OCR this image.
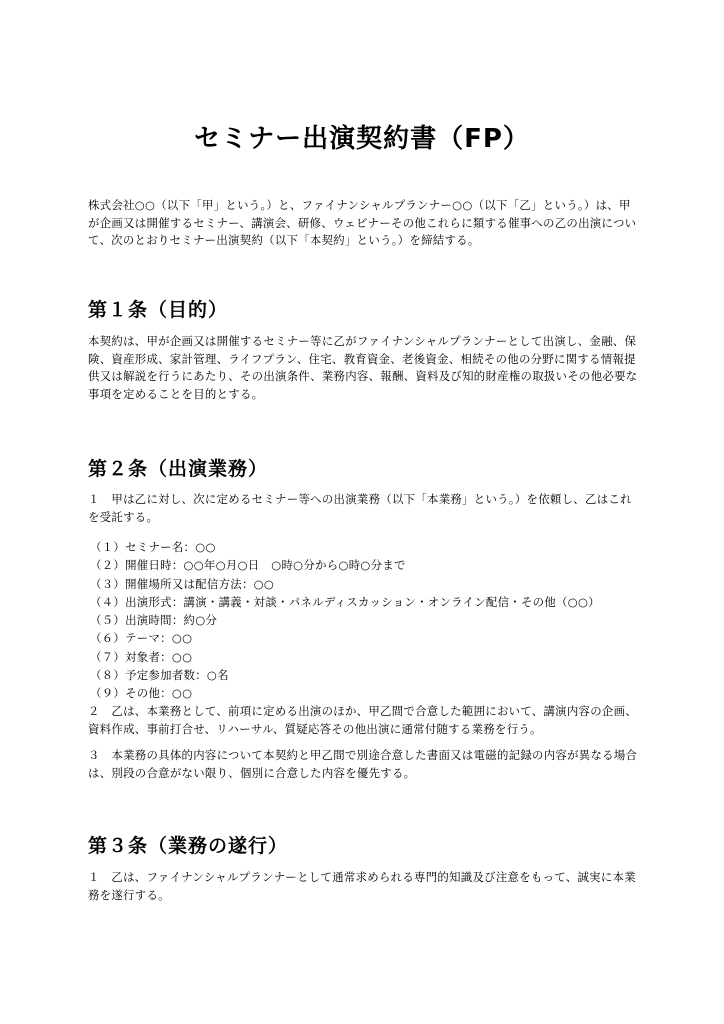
セミナー出演契約書（FP）

株式会社○○（以下「甲」という。）と、ファイナンシャルプランナー○○（以下「乙」という。）は、甲が企画又は開催するセミナー、講演会、研修、ウェビナーその他これらに類する催事への乙の出演について、次のとおりセミナー出演契約（以下「本契約」という。）を締結する。

第１条（目的）

本契約は、甲が企画又は開催するセミナー等に乙がファイナンシャルプランナーとして出演し、金融、保険、資産形成、家計管理、ライフプラン、住宅、教育資金、老後資金、相続その他の分野に関する情報提供又は解説を行うにあたり、その出演条件、業務内容、報酬、資料及び知的財産権の取扱いその他必要な事項を定めることを目的とする。

第２条（出演業務）

１　甲は乙に対し、次に定めるセミナー等への出演業務（以下「本業務」という。）を依頼し、乙はこれを受託する。

（１）セミナー名：○○
（２）開催日時：○○年○月○日　○時○分から○時○分まで
（３）開催場所又は配信方法：○○
（４）出演形式：講演・講義・対談・パネルディスカッション・オンライン配信・その他（○○）
（５）出演時間：約○分
（６）テーマ：○○
（７）対象者：○○
（８）予定参加者数：○名
（９）その他：○○

２　乙は、本業務として、前項に定める出演のほか、甲乙間で合意した範囲において、講演内容の企画、資料作成、事前打合せ、リハーサル、質疑応答その他出演に通常付随する業務を行う。

３　本業務の具体的内容について本契約と甲乙間で別途合意した書面又は電磁的記録の内容が異なる場合は、別段の合意がない限り、個別に合意した内容を優先する。

第３条（業務の遂行）

１　乙は、ファイナンシャルプランナーとして通常求められる専門的知識及び注意をもって、誠実に本業務を遂行する。
